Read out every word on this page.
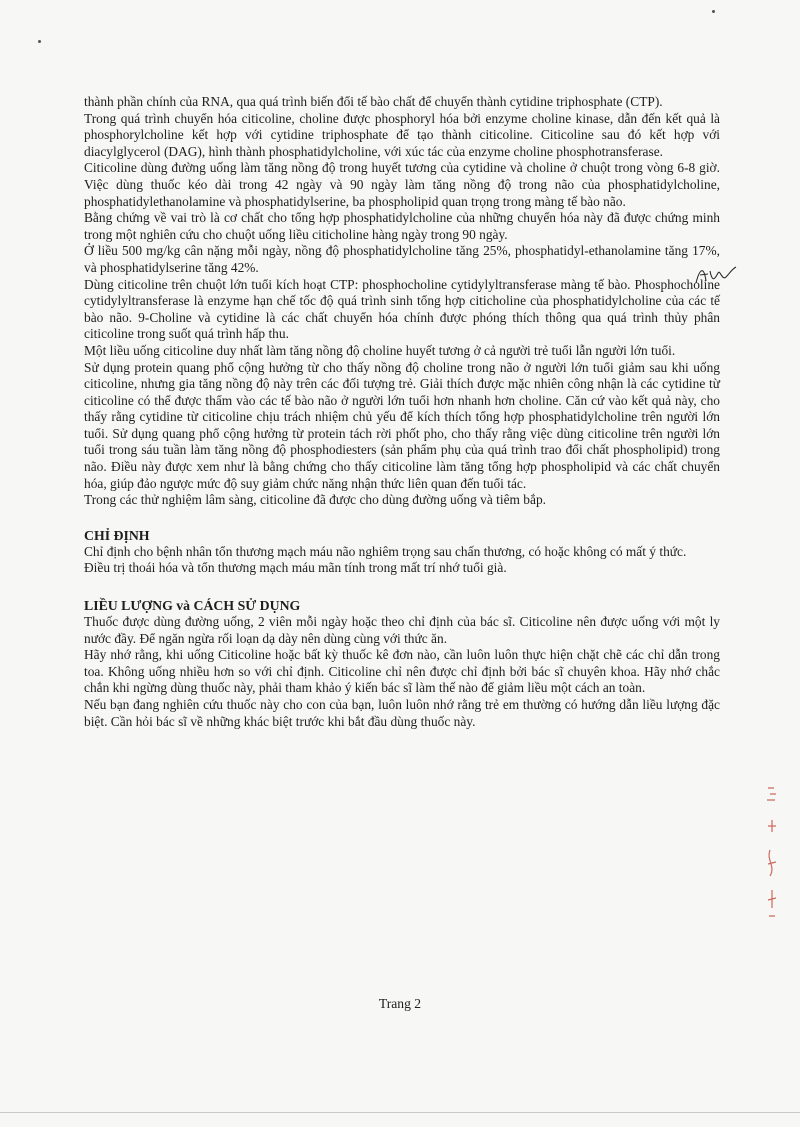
thành phần chính của RNA, qua quá trình biến đổi tế bào chất để chuyển thành cytidine triphosphate (CTP).

Trong quá trình chuyển hóa citicoline, choline được phosphoryl hóa bởi enzyme choline kinase, dẫn đến kết quả là phosphorylcholine kết hợp với cytidine triphosphate để tạo thành citicoline. Citicoline sau đó kết hợp với diacylglycerol (DAG), hình thành phosphatidylcholine, với xúc tác của enzyme choline phosphotransferase.

Citicoline dùng đường uống làm tăng nồng độ trong huyết tương của cytidine và choline ở chuột trong vòng 6-8 giờ. Việc dùng thuốc kéo dài trong 42 ngày và 90 ngày làm tăng nồng độ trong não của phosphatidylcholine, phosphatidylethanolamine và phosphatidylserine, ba phospholipid quan trọng trong màng tế bào não.

Bằng chứng về vai trò là cơ chất cho tổng hợp phosphatidylcholine của những chuyển hóa này đã được chứng minh trong một nghiên cứu cho chuột uống liều citicholine hàng ngày trong 90 ngày.

Ở liều 500 mg/kg cân nặng mỗi ngày, nồng độ phosphatidylcholine tăng 25%, phosphatidyl-ethanolamine tăng 17%, và phosphatidylserine tăng 42%.

Dùng citicoline trên chuột lớn tuổi kích hoạt CTP: phosphocholine cytidylyltransferase màng tế bào. Phosphocholine cytidylyltransferase là enzyme hạn chế tốc độ quá trình sinh tổng hợp citicholine của phosphatidylcholine của các tế bào não. 9-Choline và cytidine là các chất chuyển hóa chính được phóng thích thông qua quá trình thủy phân citicoline trong suốt quá trình hấp thu.

Một liều uống citicoline duy nhất làm tăng nồng độ choline huyết tương ở cả người trẻ tuổi lẫn người lớn tuổi.

Sử dụng protein quang phổ cộng hưởng từ cho thấy nồng độ choline trong não ở người lớn tuổi giảm sau khi uống citicoline, nhưng gia tăng nồng độ này trên các đối tượng trẻ. Giải thích được mặc nhiên công nhận là các cytidine từ citicoline có thể được thẩm vào các tế bào não ở người lớn tuổi hơn nhanh hơn choline. Căn cứ vào kết quả này, cho thấy rằng cytidine từ citicoline chịu trách nhiệm chủ yếu để kích thích tổng hợp phosphatidylcholine trên người lớn tuổi. Sử dụng quang phổ cộng hưởng từ protein tách rời phốt pho, cho thấy rằng việc dùng citicoline trên người lớn tuổi trong sáu tuần làm tăng nồng độ phosphodiesters (sản phẩm phụ của quá trình trao đổi chất phospholipid) trong não. Điều này được xem như là bằng chứng cho thấy citicoline làm tăng tổng hợp phospholipid và các chất chuyển hóa, giúp đảo ngược mức độ suy giảm chức năng nhận thức liên quan đến tuổi tác.

Trong các thử nghiệm lâm sàng, citicoline đã được cho dùng đường uống và tiêm bắp.

CHỈ ĐỊNH

Chỉ định cho bệnh nhân tổn thương mạch máu não nghiêm trọng sau chấn thương, có hoặc không có mất ý thức.

Điều trị thoái hóa và tổn thương mạch máu mãn tính trong mất trí nhớ tuổi già.

LIỀU LƯỢNG và CÁCH SỬ DỤNG

Thuốc được dùng đường uống, 2 viên mỗi ngày hoặc theo chỉ định của bác sĩ. Citicoline nên được uống với một ly nước đầy. Để ngăn ngừa rối loạn dạ dày nên dùng cùng với thức ăn.

Hãy nhớ rằng, khi uống Citicoline hoặc bất kỳ thuốc kê đơn nào, cần luôn luôn thực hiện chặt chẽ các chỉ dẫn trong toa. Không uống nhiều hơn so với chỉ định. Citicoline chỉ nên được chỉ định bởi bác sĩ chuyên khoa. Hãy nhớ chắc chắn khi ngừng dùng thuốc này, phải tham khảo ý kiến bác sĩ làm thế nào để giảm liều một cách an toàn.

Nếu bạn đang nghiên cứu thuốc này cho con của bạn, luôn luôn nhớ rằng trẻ em thường có hướng dẫn liều lượng đặc biệt. Cần hỏi bác sĩ về những khác biệt trước khi bắt đầu dùng thuốc này.

Trang 2
